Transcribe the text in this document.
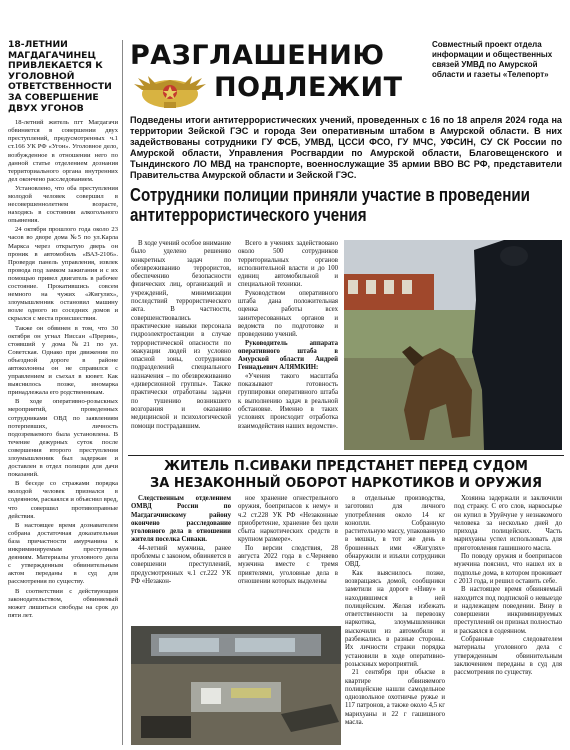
18-ЛЕТНИЙ МАГДАГАЧИНЕЦ ПРИВЛЕКАЕТСЯ К УГОЛОВНОЙ ОТВЕТСТВЕННОСТИ ЗА СОВЕРШЕНИЕ ДВУХ УГОНОВ

18-летний житель пгт Магдагачи обвиняется в совершении двух преступлений, предусмотренных ч.1 ст.166 УК РФ «Угон». Уголовное дело, возбужденное в отношении него по данной статье отделением дознания территориального органа внутренних дел окончено расследованием.

Установлено, что оба преступления молодой человек совершил в несовершеннолетнем возрасте, находясь в состоянии алкогольного опьянения.

24 октября прошлого года около 23 часов во дворе дома №5 по ул.Карла Маркса через открытую дверь он проник в автомобиль «ВАЗ-2106». Провердя панель управления, извлек провода под замком зажигания и с их помощью привел двигатель в рабочее состояние. Прокатившись совсем немного на чужих «Жигулях», злоумышленник остановил машину возле одного из соседних домов и скрылся с места происшествия.

Также он обвинен в том, что 30 октября он угнал Ниссан «Прерия», стоявший у дома №21 по ул. Советская. Однако при движении по объездной дороге в районе автоколонны он не справился с управлением и съехал в кювет. Как выяснилось позже, иномарка принадлежала его родственникам.

В ходе оперативно-розыскных мероприятий, проведенных сотрудниками ОВД по заявлениям потерпевших, личность подозреваемого была установлена. В течение дежурных суток после совершения второго преступления злоумышленник был задержан и доставлен в отдел полиции для дачи показаний.

В беседе со стражами порядка молодой человек признался в содеянном, раскаялся и объяснил вред, что совершил противоправные действия.

В настоящее время дознавателем собрана достаточная доказательная база причастности амурчанина к инкриминируемым преступным деяниям. Материалы уголовного дела с утвержденным обвинительным актом переданы в суд для рассмотрения по существу.

В соответствии с действующим законодательством, обвиняемый может лишиться свободы на срок до пяти лет.

РАЗГЛАШЕНИЮ
ПОДЛЕЖИТ
Совместный проект отдела информации и общественных связей УМВД по Амурской области и газеты «Телепорт»
Подведены итоги антитеррористических учений, проведенных с 16 по 18 апреля 2024 года на территории Зейской ГЭС и города Зеи оперативным штабом в Амурской области. В них задействованы сотрудники ГУ ФСБ, УМВД, ЦССИ ФСО, ГУ МЧС, УФСИН, СУ СК России по Амурской области, Управления Росгвардии по Амурской области, Благовещенского и Тындинского ЛО МВД на транспорте, военнослужащие 35 армии ВВО ВС РФ, представители Правительства Амурской области и Зейской ГЭС.
Сотрудники полиции приняли участие в проведении антитеррористического учения

В ходе учений особое внимание было уделено решению конкретных задач по обезвреживанию террористов, обеспечению безопасности физических лиц, организаций и учреждений, минимизации последствий террористического акта. В частности, совершенствовались практические навыки персонала гидроэлектростанции в случае террористической опасности по эвакуации людей из условно опасной зоны, сотрудников подразделений специального назначения – по обезвреживанию «диверсионной группы». Также практически отработаны задачи по тушению возникшего возгорания и оказанию медицинской и психологической помощи пострадавшим.

Всего в учениях задействовано около 500 сотрудников территориальных органов исполнительной власти и до 100 единиц автомобильной и специальной техники.

Руководством оперативного штаба дана положительная оценка работы всех заинтересованных органов и ведомств по подготовке и проведению учений.

Руководитель аппарата оперативного штаба в Амурской области Андрей Геннадьевич АЛЯМКИН:

«Учения такого масштаба показывают готовность группировки оперативного штаба к выполнению задач в реальной обстановке. Именно в таких условиях происходит отработка взаимодействия наших ведомств».

ЖИТЕЛЬ П.СИВАКИ ПРЕДСТАНЕТ ПЕРЕД СУДОМ
ЗА НЕЗАКОННЫЙ ОБОРОТ НАРКОТИКОВ И ОРУЖИЯ

Следственным отделением ОМВД России по Магдагачинскому району окончено расследование уголовного дела в отношении жителя поселка Сиваки.

44-летний мужчина, ранее проблемы с законом, обвиняется в совершении преступлений, предусмотренных ч.1 ст.222 УК РФ «Незакон-

ное хранение огнестрельного оружия, боеприпасов к нему» и ч.2 ст.228 УК РФ «Незаконные приобретение, хранение без цели сбыта наркотических средств в крупном размере».

По версии следствия, 28 августа 2022 года в с.Черняево мужчина вместе с тремя приятелями, уголовные дела в отношении которых выделены

в отдельные производства, заготовил для личного употребления около 14 кг конопли. Собранную растительную массу, упакованную в мешки, в тот же день в брошенных ими «Жигулях» обнаружили и изъяли сотрудники ОВД.

Как выяснилось позже, возвращаясь домой, сообщники заметили на дороге «Ниву» и находившимся в ней полицейским. Желая избежать ответственности за перевозку наркотика, злоумышленники выскочили из автомобиля и разбежались в разные стороны. Их личности стражи порядка установили в ходе оперативно-розыскных мероприятий.

21 сентября при обыске в квартире обвиняемого полицейские нашли самодельное однозвольное охотничье ружье и 117 патронов, а также около 4,5 кг марихуаны и 22 г гашишного масла.

Хозяина задержали и заключили под стражу. С его слов, наркосырье он купил в Уруйчуне у незнакомого человека за несколько дней до прихода полицейских. Часть марихуаны успел использовать для приготовления гашишного масла.

По поводу оружия и боеприпасов мужчина пояснил, что нашел их в подполье дома, в котором проживает с 2013 года, и решил оставить себе.

В настоящее время обвиняемый находится под подпиской о невыезде и надлежащем поведении. Вину в совершении инкриминируемых преступлений он признал полностью и раскаялся в содеянном.

Собранные следователем материалы уголовного дела с утвержденным обвинительным заключением переданы в суд для рассмотрения по существу.
